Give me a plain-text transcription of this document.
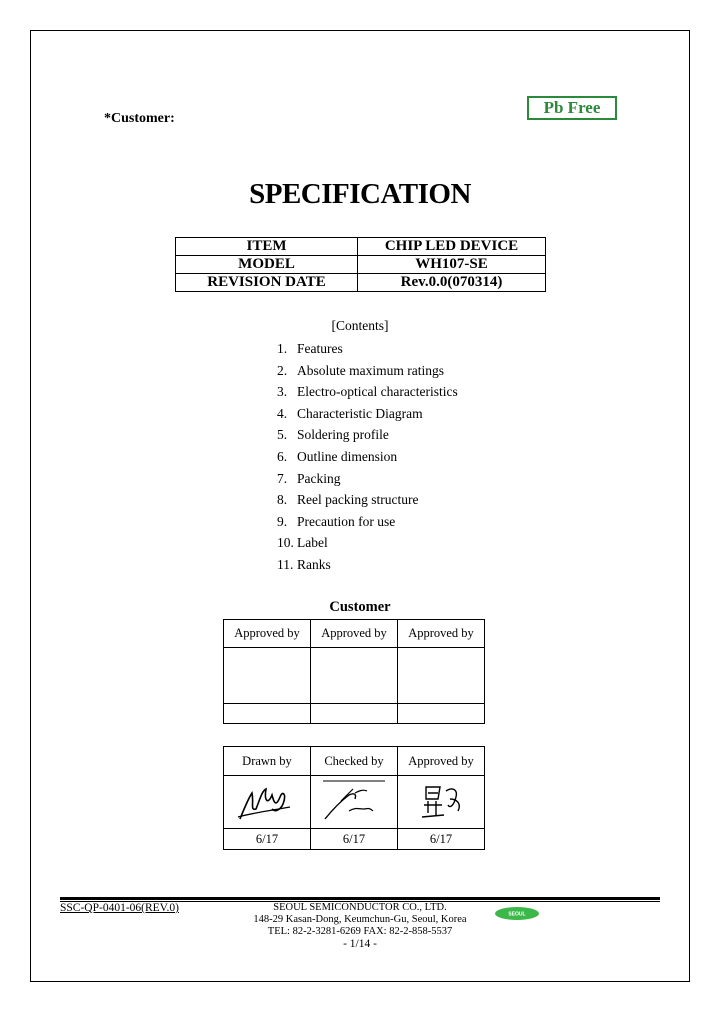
*Customer:
Pb Free
SPECIFICATION
ITEM	CHIP LED DEVICE
MODEL	WH107-SE
REVISION DATE	Rev.0.0(070314)
[Contents]
1. Features
2. Absolute maximum ratings
3. Electro-optical characteristics
4. Characteristic Diagram
5. Soldering profile
6. Outline dimension
7. Packing
8. Reel packing structure
9. Precaution for use
10. Label
11. Ranks
Customer
Approved by	Approved by	Approved by

Drawn by	Checked by	Approved by

6/17	6/17	6/17
SSC-QP-0401-06(REV.0)	SEOUL SEMICONDUCTOR CO., LTD.
148-29 Kasan-Dong, Keumchun-Gu, Seoul, Korea
TEL: 82-2-3281-6269 FAX: 82-2-858-5537
- 1/14 -
SEOUL
